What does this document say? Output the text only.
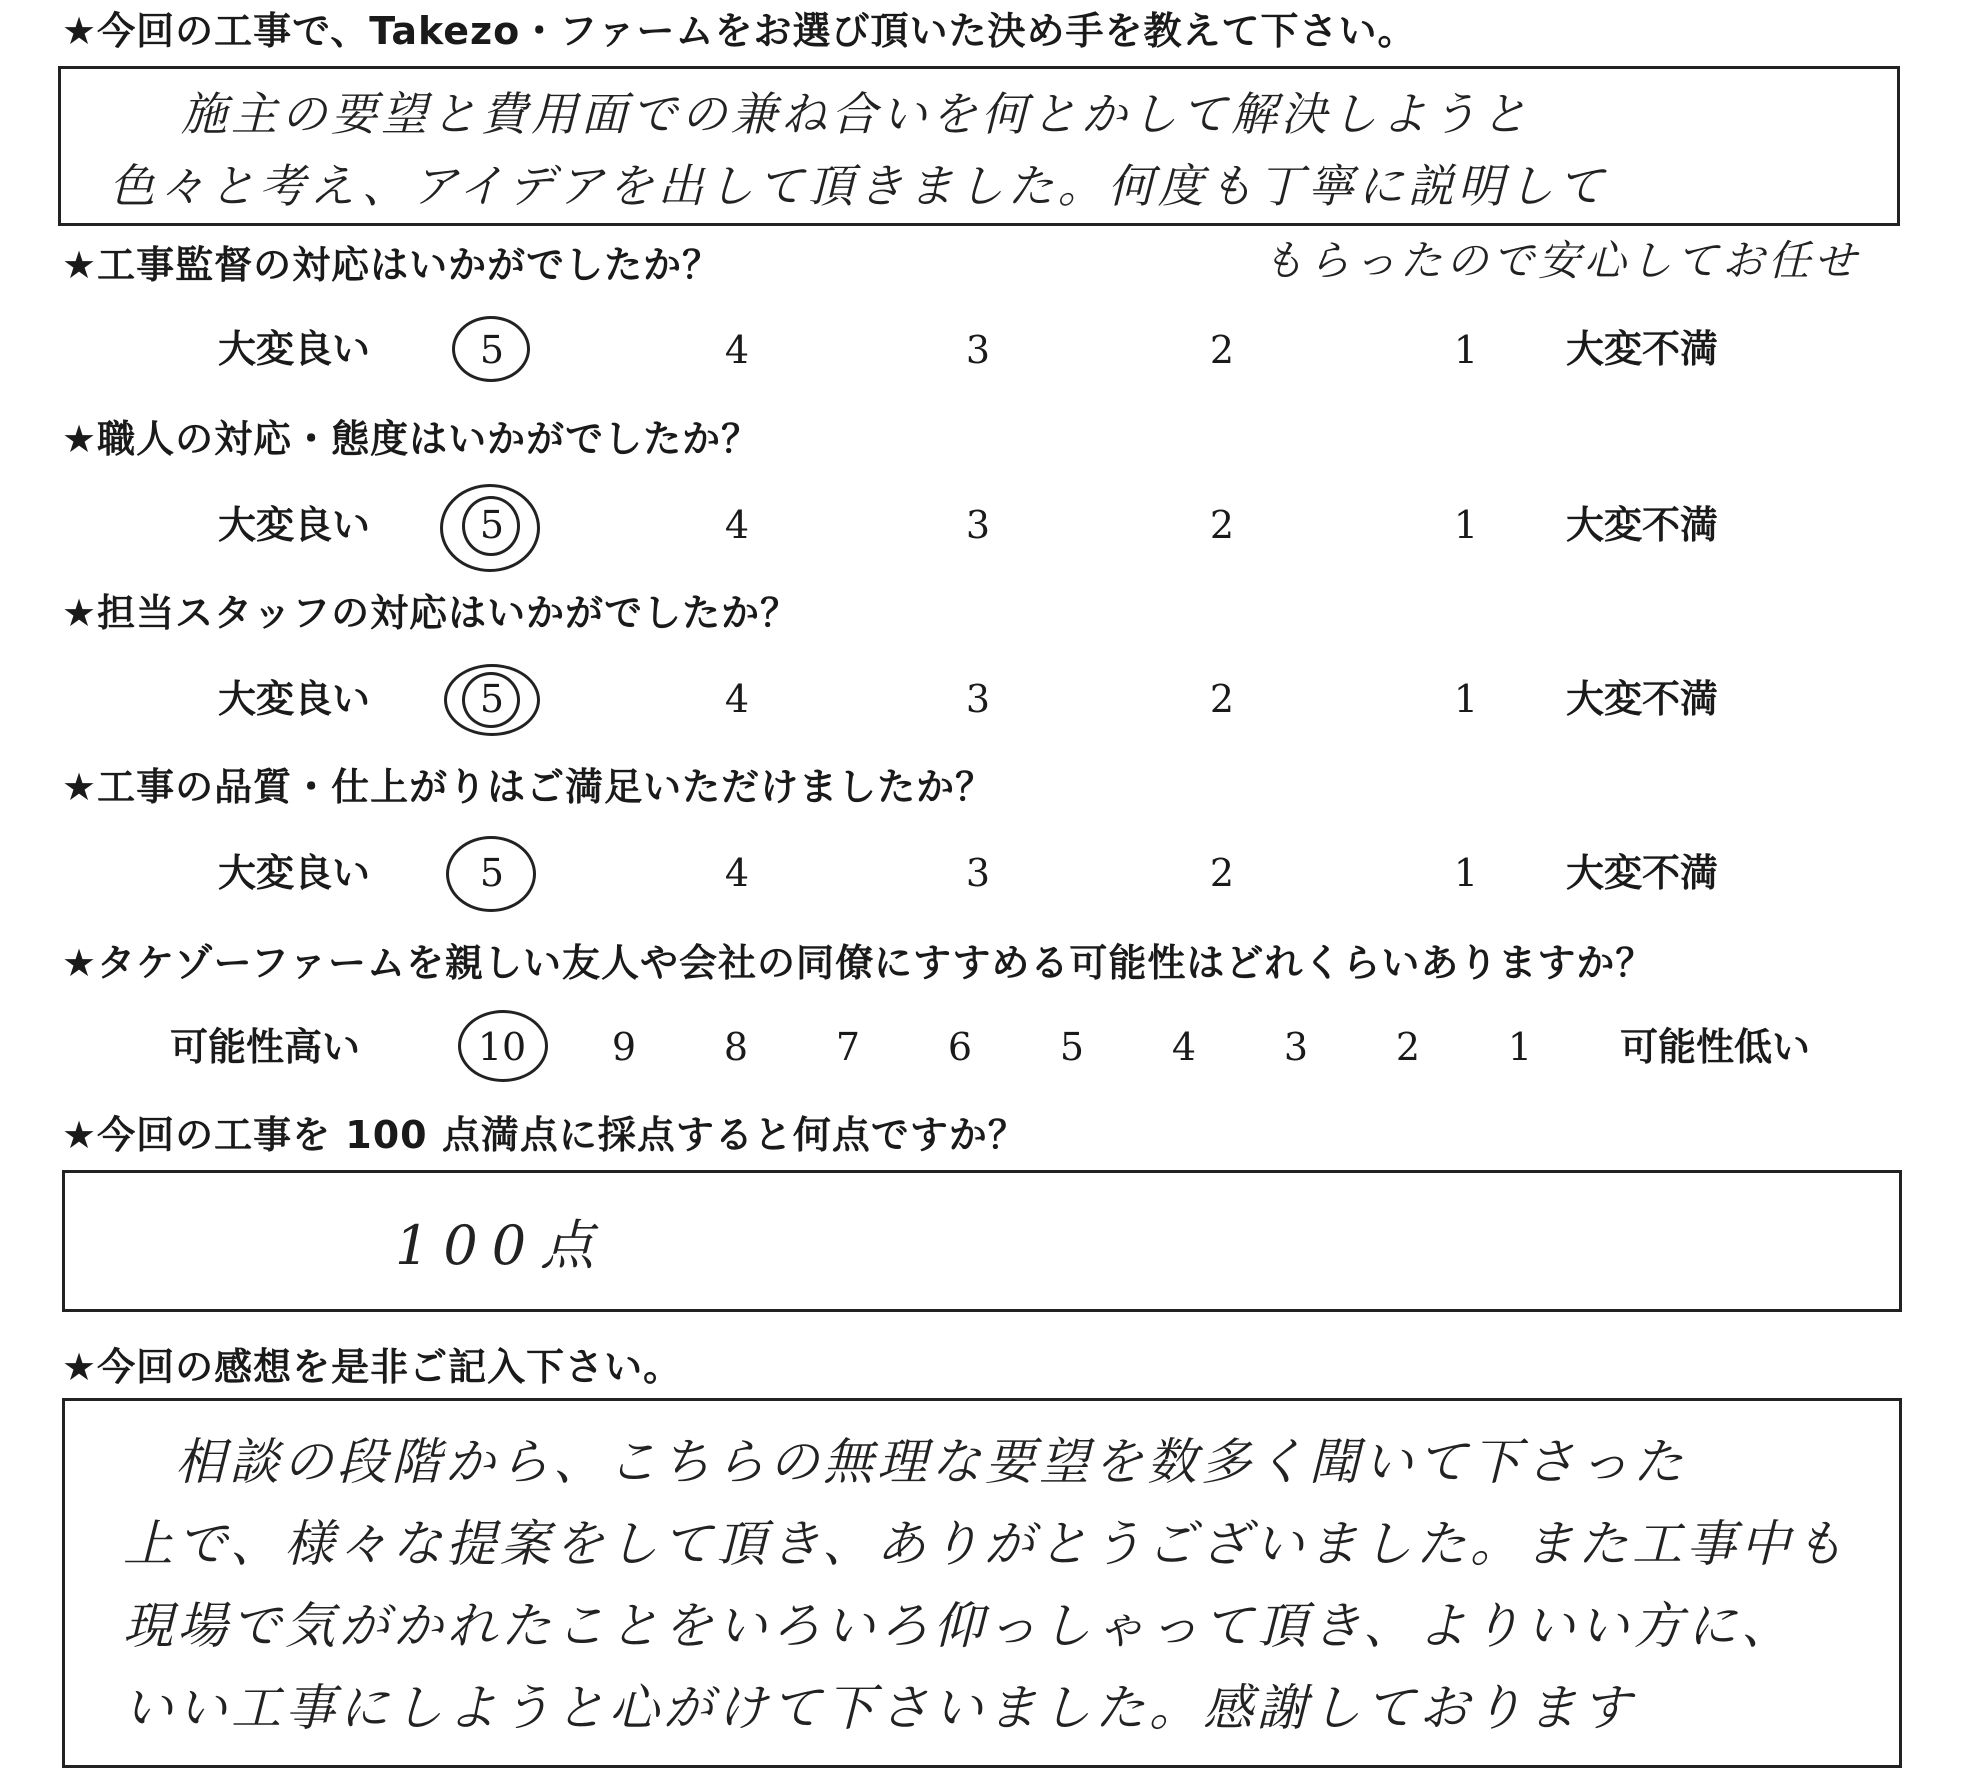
★今回の工事で、Takezo・ファームをお選び頂いた決め手を教えて下さい。
施主の要望と費用面での兼ね合いを何とかして解決しようと
色々と考え、アイデアを出して頂きました。何度も丁寧に説明して
もらったので安心してお任せ
★工事監督の対応はいかがでしたか？
大変良い	5	4	3	2	1	大変不満
★職人の対応・態度はいかがでしたか？
大変良い	5	4	3	2	1	大変不満
★担当スタッフの対応はいかがでしたか？
大変良い	5	4	3	2	1	大変不満
★工事の品質・仕上がりはご満足いただけましたか？
大変良い	5	4	3	2	1	大変不満
★タケゾーファームを親しい友人や会社の同僚にすすめる可能性はどれくらいありますか？
可能性高い	10	9	8	7	6	5	4	3	2	1	可能性低い
★今回の工事を 100 点満点に採点すると何点ですか？
100点
★今回の感想を是非ご記入下さい。
相談の段階から、こちらの無理な要望を数多く聞いて下さった
上で、様々な提案をして頂き、ありがとうございました。また工事中も
現場で気がかれたことをいろいろ仰っしゃって頂き、よりいい方に、
いい工事にしようと心がけて下さいました。感謝しております
